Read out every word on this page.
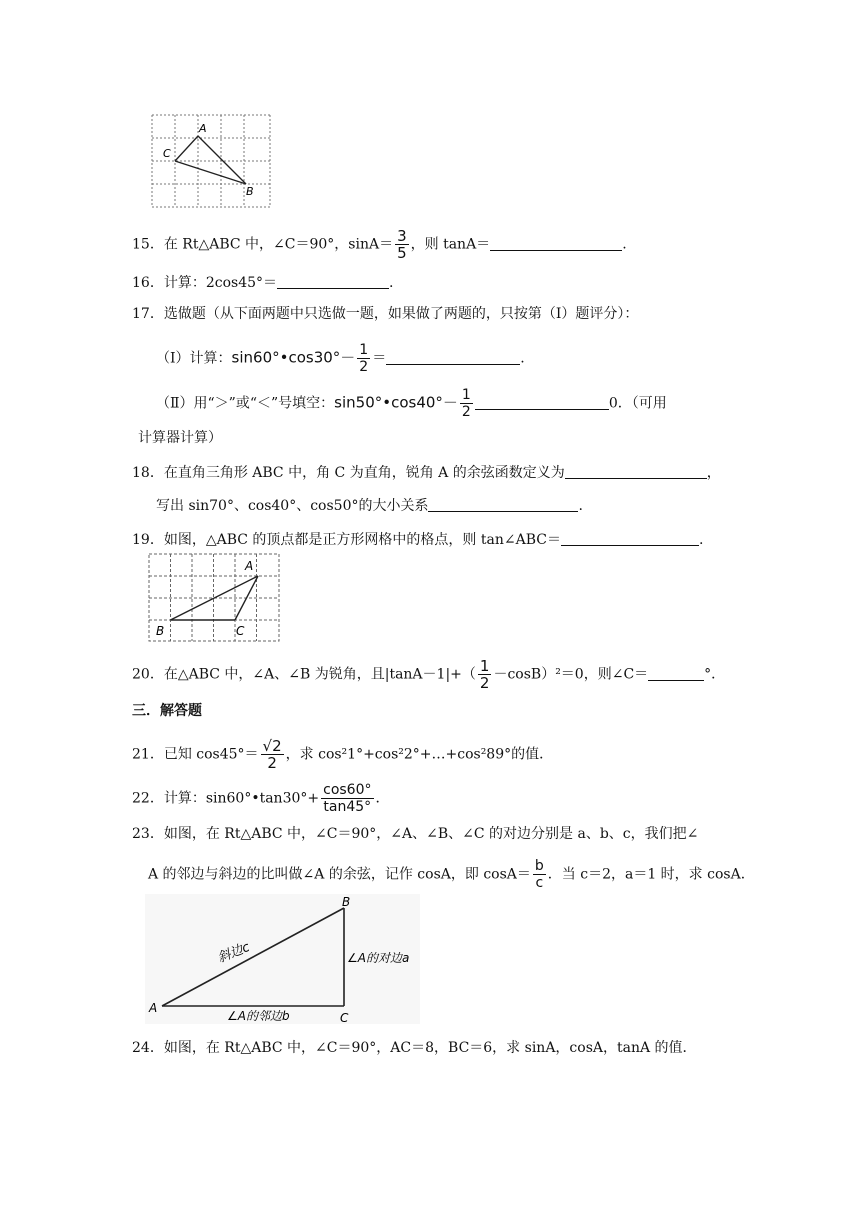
A
C
B
15．在 Rt△ABC 中，∠C＝90°，$\sin A= \frac{3}{5}$ ，则 tanA＝	.
16．计算：2cos45°＝	.
17．选做题（从下面两题中只选做一题，如果做了两题的，只按第（I）题评分）：
（Ⅰ）计算：sin60°•cos30°－ $\frac{1}{2}$ ＝	.
（Ⅱ）用“＞”或“＜”号填空：sin50°•cos40°－ $\frac{1}{2}$	0．（可用
计算器计算）
18．在直角三角形 ABC 中，角 C 为直角，锐角 A 的余弦函数定义为	，
写出 sin70°、cos40°、cos50°的大小关系	.
19．如图，△ABC 的顶点都是正方形网格中的格点，则 tan∠ABC＝	.
A
B	C
20．在△ABC 中，∠A、∠B 为锐角，且$|\tan A-1|+( \frac{1}{2} -\cos B)^2=0$，则∠C＝	°．
三．解答题
21．已知 $\cos 45^\circ= \frac{√2}{2}$ ，求 cos²1°+cos²2°+…+cos²89°的值．
22．计算：sin60°•tan30°+ $\frac{\cos 60^\circ}{\tan 45^\circ}$ ．
23．如图，在 Rt△ABC 中，∠C＝90°，∠A、∠B、∠C 的对边分别是 a、b、c，我们把∠
A 的邻边与斜边的比叫做∠A 的余弦，记作 cosA，即 $\cos A= \frac{b}{c}$ ．当 c＝2，a＝1 时，求 cosA．
B
A
C
斜边c	∠A的对边a
∠A的邻边b
24．如图，在 Rt△ABC 中，∠C＝90°，AC＝8，BC＝6，求 sinA，cosA，tanA 的值．
